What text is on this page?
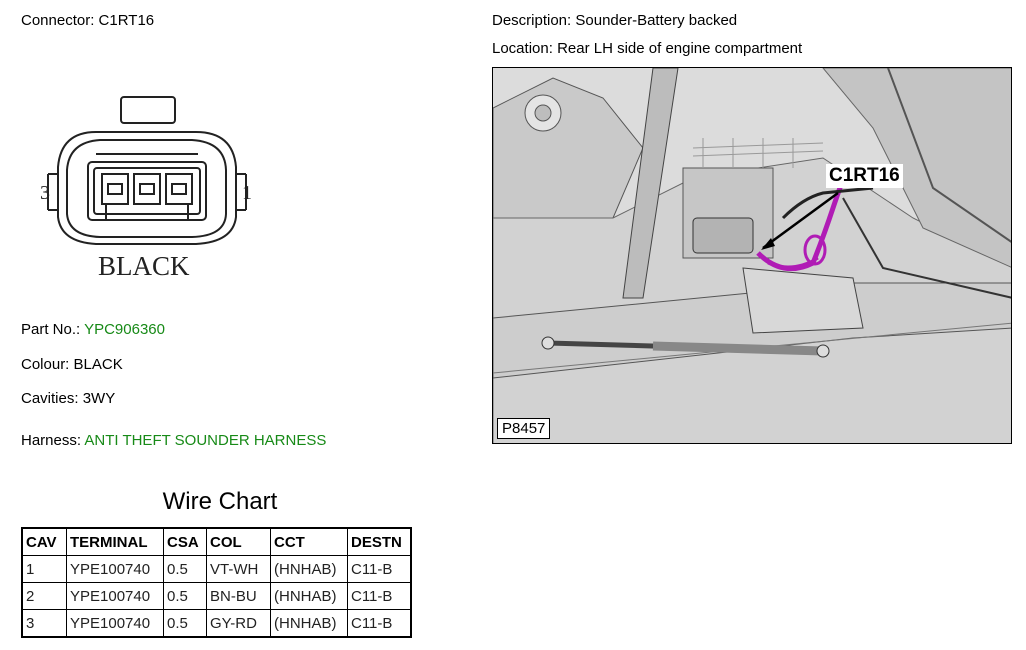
Connector: C1RT16
3	1
BLACK
Part No.: YPC906360
Colour: BLACK
Cavities: 3WY
Harness: ANTI THEFT SOUNDER HARNESS
Description: Sounder-Battery backed
Location: Rear LH side of engine compartment
C1RT16
P8457
Wire Chart
CAV	TERMINAL	CSA	COL	CCT	DESTN
1	YPE100740	0.5	VT-WH	(HNHAB)	C11-B
2	YPE100740	0.5	BN-BU	(HNHAB)	C11-B
3	YPE100740	0.5	GY-RD	(HNHAB)	C11-B
